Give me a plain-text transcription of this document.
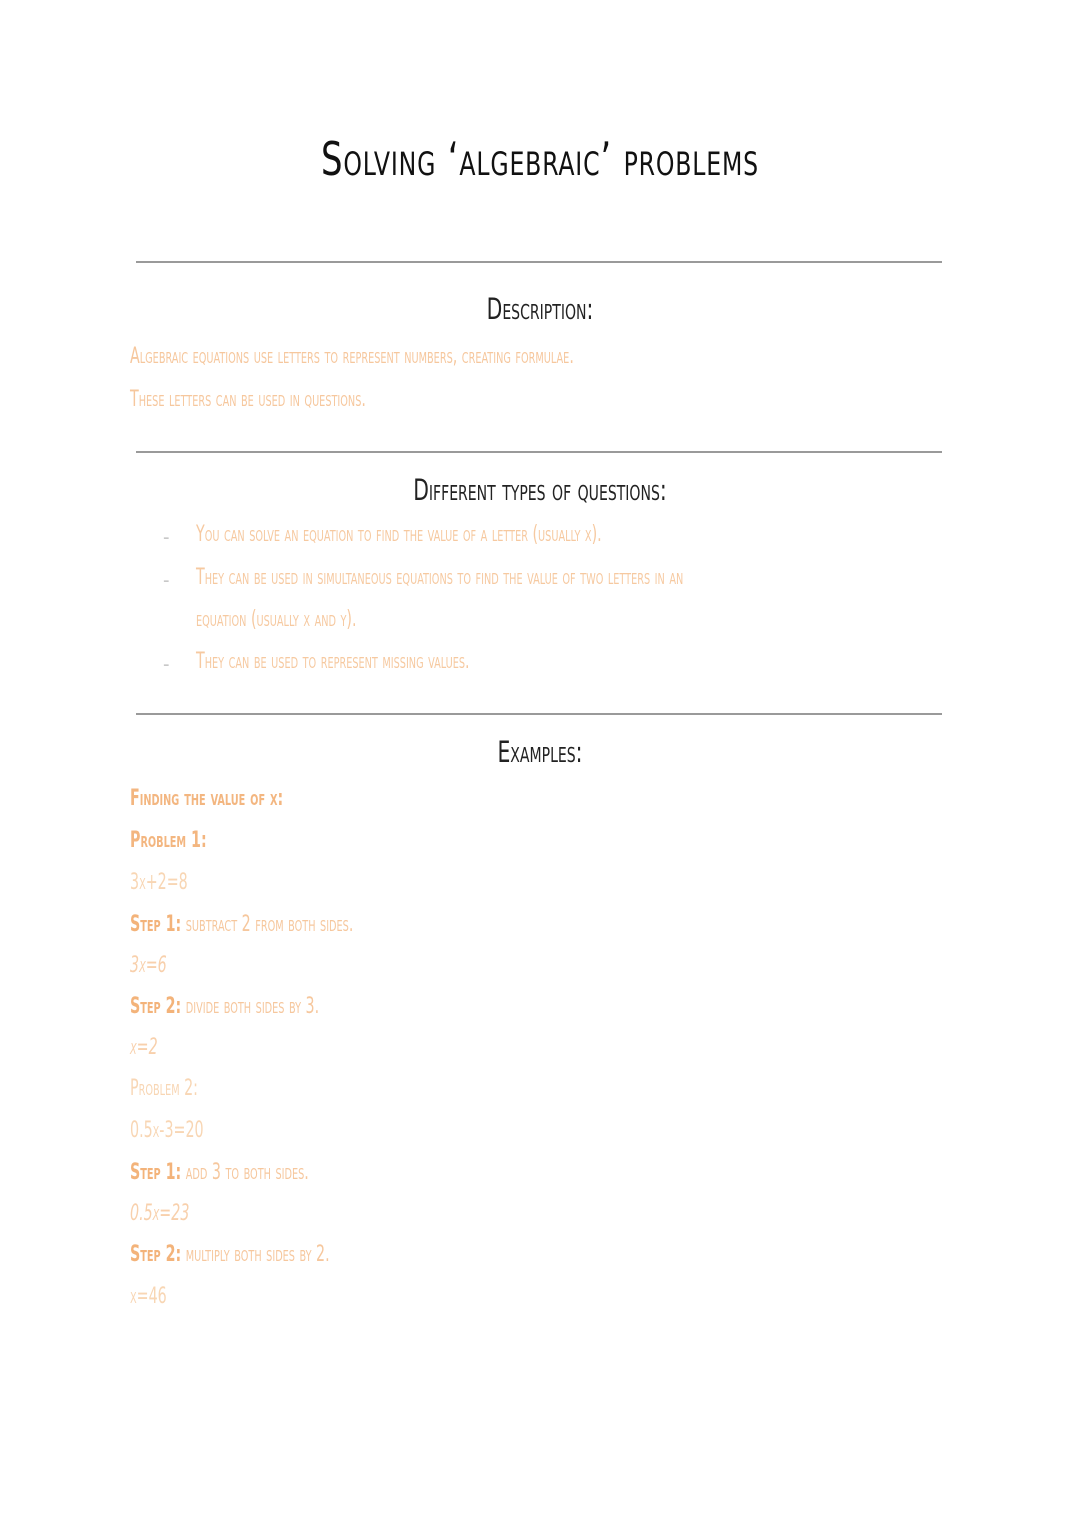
Solving ‘algebraic’ problems
Description:

Algebraic equations use letters to represent numbers, creating formulae.

These letters can be used in questions.

Different types of questions:
- You can solve an equation to find the value of a letter (usually x).

- They can be used in simultaneous equations to find the value of two letters in an

equation (usually x and y).

- They can be used to represent missing values.

Examples:

Finding the value of x:

Problem 1:

3x+2=8

Step 1: subtract 2 from both sides.

3x=6

Step 2: divide both sides by 3.

x=2

Problem 2:

0.5x-3=20

Step 1: add 3 to both sides.

0.5x=23

Step 2: multiply both sides by 2.

x=46
